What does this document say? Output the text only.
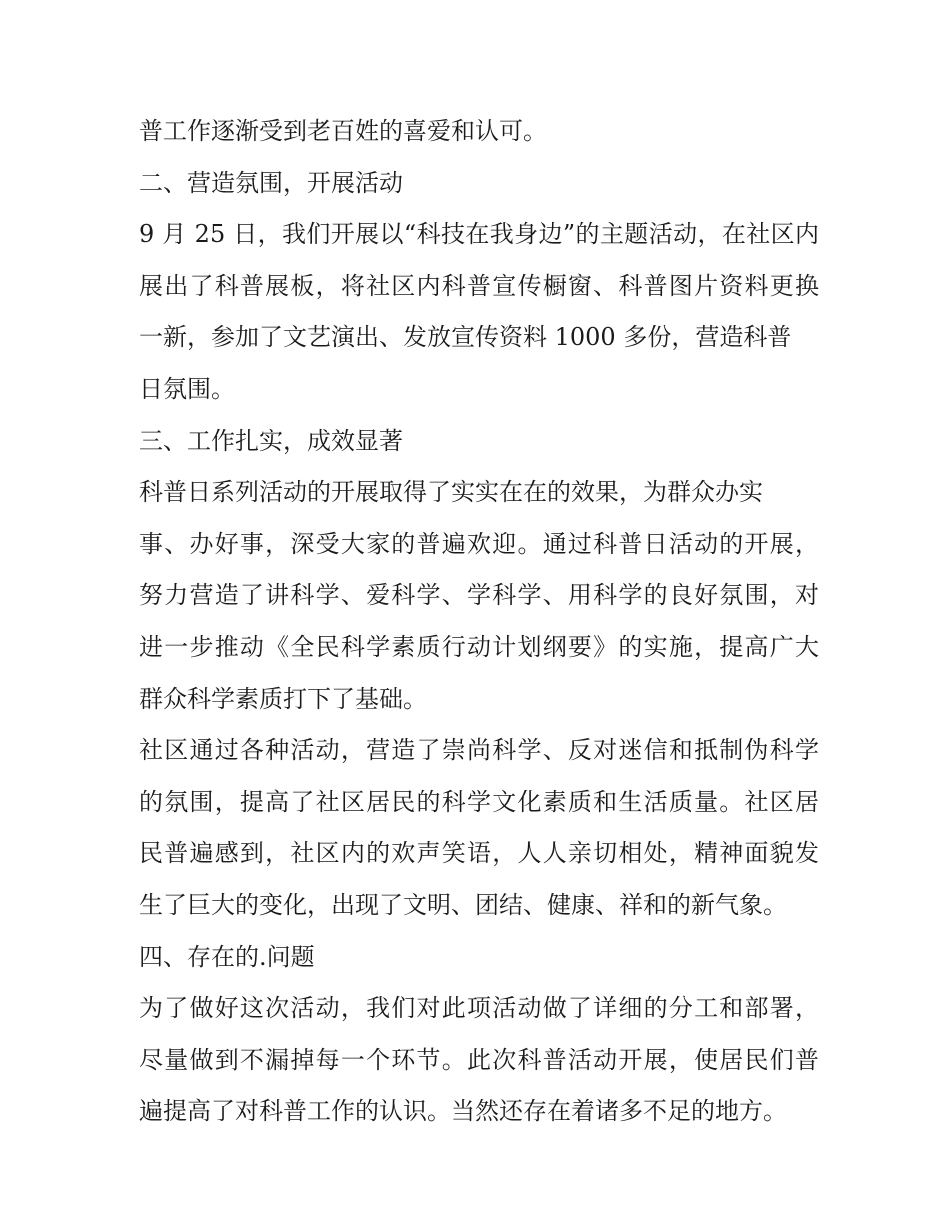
普工作逐渐受到老百姓的喜爱和认可。
二、营造氛围，开展活动
9 月 25 日，我们开展以“科技在我身边”的主题活动，在社区内
展出了科普展板，将社区内科普宣传橱窗、科普图片资料更换
一新，参加了文艺演出、发放宣传资料 1000 多份，营造科普
日氛围。
三、工作扎实，成效显著
科普日系列活动的开展取得了实实在在的效果，为群众办实
事、办好事，深受大家的普遍欢迎。通过科普日活动的开展，
努力营造了讲科学、爱科学、学科学、用科学的良好氛围，对
进一步推动《全民科学素质行动计划纲要》的实施，提高广大
群众科学素质打下了基础。
社区通过各种活动，营造了崇尚科学、反对迷信和抵制伪科学
的氛围，提高了社区居民的科学文化素质和生活质量。社区居
民普遍感到，社区内的欢声笑语，人人亲切相处，精神面貌发
生了巨大的变化，出现了文明、团结、健康、祥和的新气象。
四、存在的.问题
为了做好这次活动，我们对此项活动做了详细的分工和部署，
尽量做到不漏掉每一个环节。此次科普活动开展，使居民们普
遍提高了对科普工作的认识。当然还存在着诸多不足的地方。
